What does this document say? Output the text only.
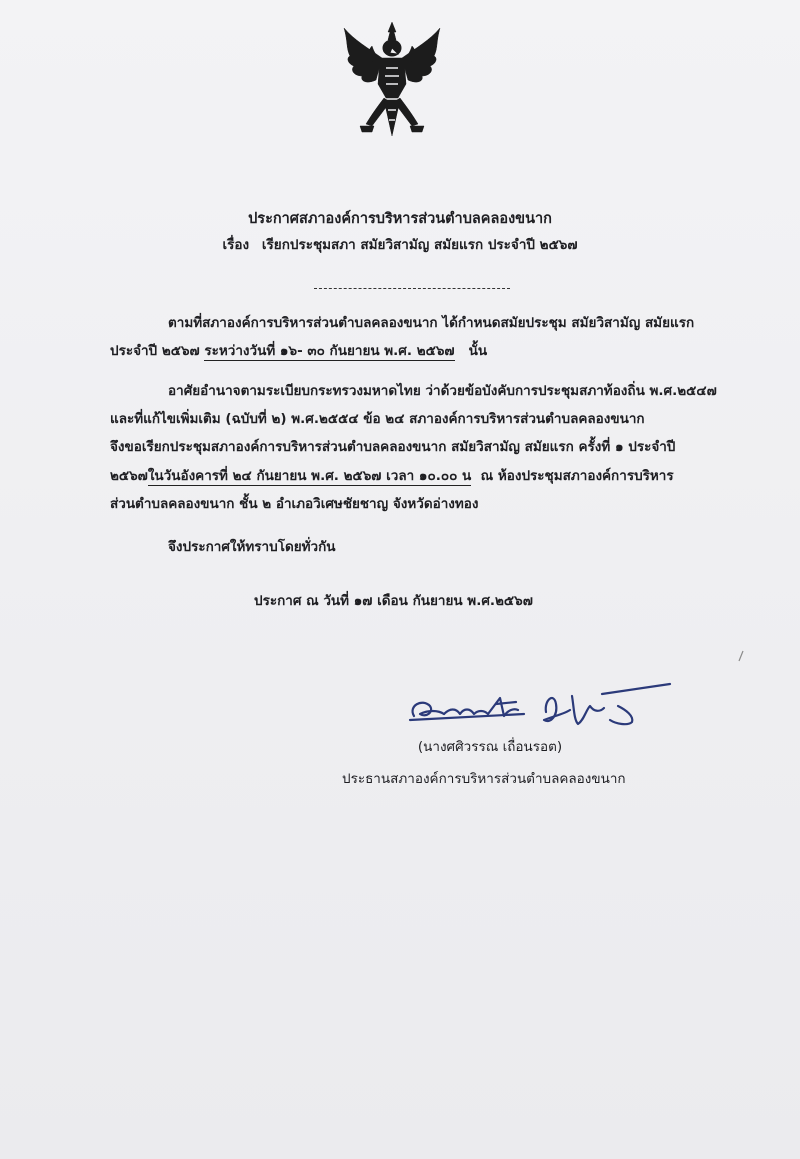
ประกาศสภาองค์การบริหารส่วนตำบลคลองขนาก
เรื่อง เรียกประชุมสภา สมัยวิสามัญ สมัยแรก ประจำปี ๒๕๖๗
ตามที่สภาองค์การบริหารส่วนตำบลคลองขนาก ได้กำหนดสมัยประชุม สมัยวิสามัญ สมัยแรก
ประจำปี ๒๕๖๗ ระหว่างวันที่ ๑๖- ๓๐ กันยายน พ.ศ. ๒๕๖๗ นั้น
อาศัยอำนาจตามระเบียบกระทรวงมหาดไทย ว่าด้วยข้อบังคับการประชุมสภาท้องถิ่น พ.ศ.๒๕๔๗
และที่แก้ไขเพิ่มเติม (ฉบับที่ ๒) พ.ศ.๒๕๕๔ ข้อ ๒๔ สภาองค์การบริหารส่วนตำบลคลองขนาก
จึงขอเรียกประชุมสภาองค์การบริหารส่วนตำบลคลองขนาก สมัยวิสามัญ สมัยแรก ครั้งที่ ๑ ประจำปี
๒๕๖๗ในวันอังคารที่ ๒๔ กันยายน พ.ศ. ๒๕๖๗ เวลา ๑๐.๐๐ น ณ ห้องประชุมสภาองค์การบริหาร
ส่วนตำบลคลองขนาก ชั้น ๒ อำเภอวิเศษชัยชาญ จังหวัดอ่างทอง
จึงประกาศให้ทราบโดยทั่วกัน
ประกาศ ณ วันที่ ๑๗ เดือน กันยายน พ.ศ.๒๕๖๗
(นางศศิวรรณ เถื่อนรอต)
ประธานสภาองค์การบริหารส่วนตำบลคลองขนาก
